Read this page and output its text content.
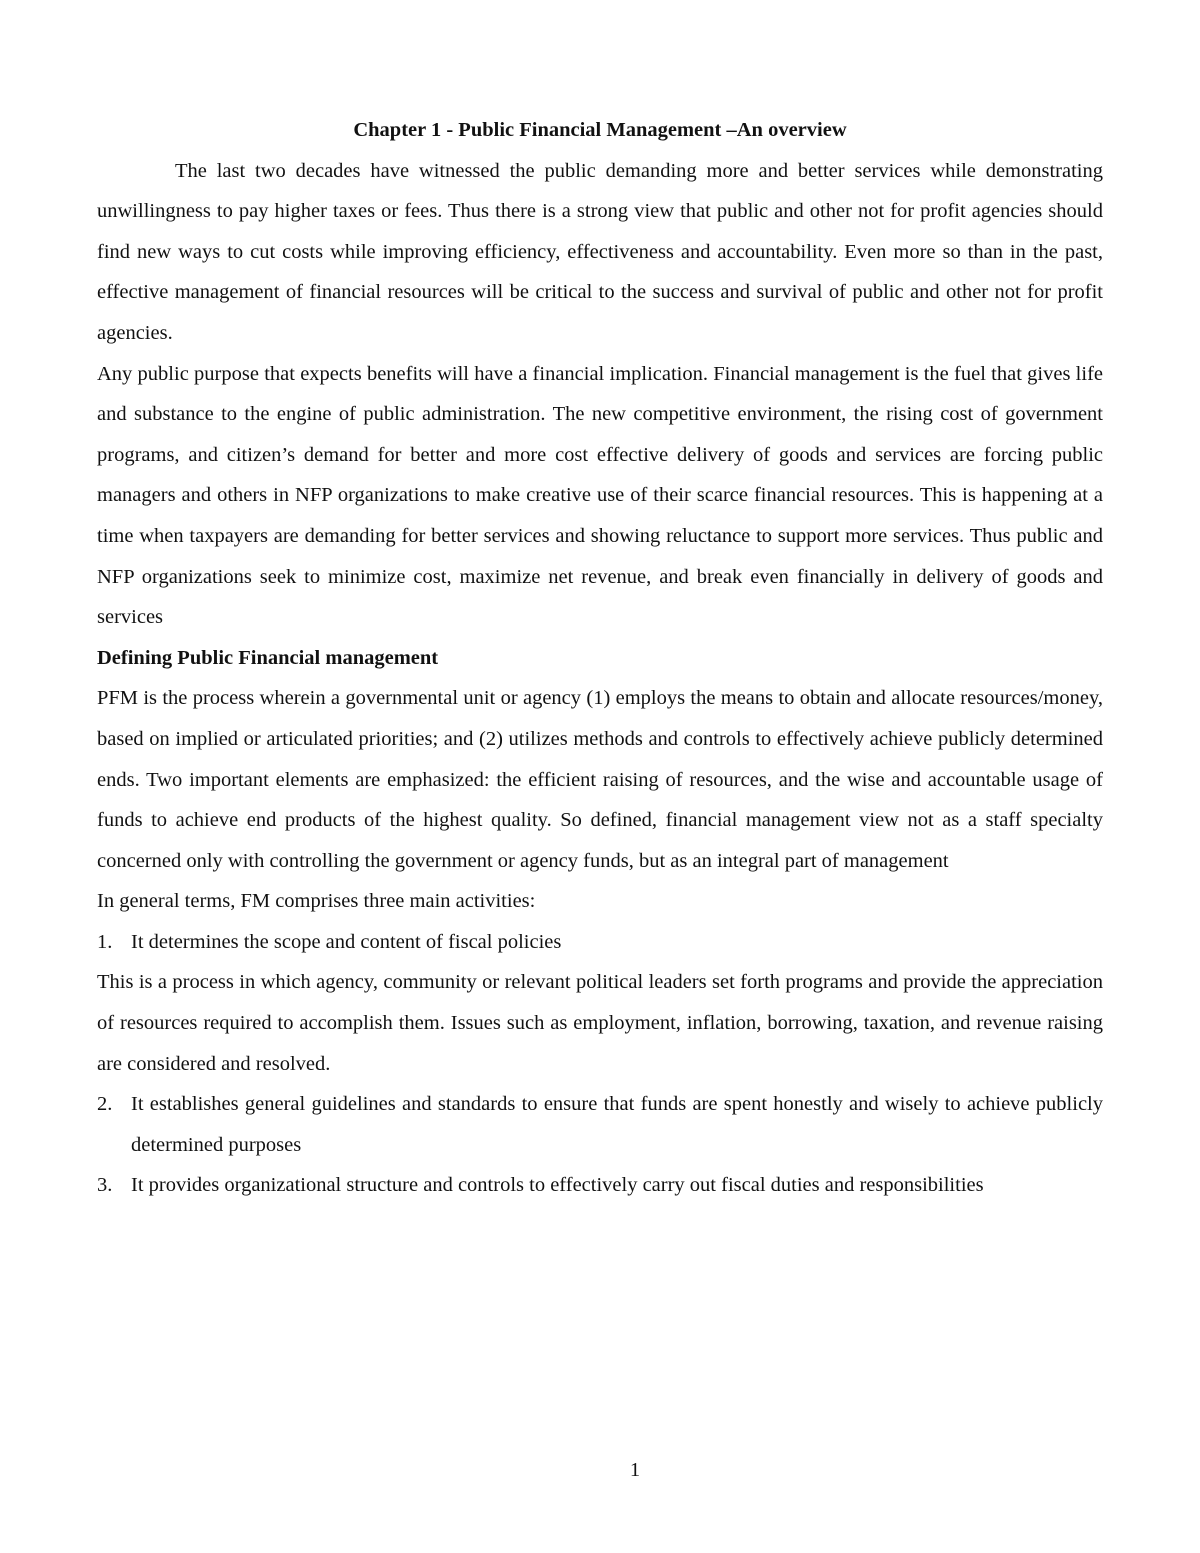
Chapter 1 - Public Financial Management –An overview

The last two decades have witnessed the public demanding more and better services while demonstrating unwillingness to pay higher taxes or fees. Thus there is a strong view that public and other not for profit agencies should find new ways to cut costs while improving efficiency, effectiveness and accountability. Even more so than in the past, effective management of financial resources will be critical to the success and survival of public and other not for profit agencies.

Any public purpose that expects benefits will have a financial implication. Financial management is the fuel that gives life and substance to the engine of public administration. The new competitive environment, the rising cost of government programs, and citizen’s demand for better and more cost effective delivery of goods and services are forcing public managers and others in NFP organizations to make creative use of their scarce financial resources. This is happening at a time when taxpayers are demanding for better services and showing reluctance to support more services. Thus public and NFP organizations seek to minimize cost, maximize net revenue, and break even financially in delivery of goods and services

Defining Public Financial management

PFM is the process wherein a governmental unit or agency (1) employs the means to obtain and allocate resources/money, based on implied or articulated priorities; and (2) utilizes methods and controls to effectively achieve publicly determined ends. Two important elements are emphasized: the efficient raising of resources, and the wise and accountable usage of funds to achieve end products of the highest quality. So defined, financial management view not as a staff specialty concerned only with controlling the government or agency funds, but as an integral part of management

In general terms, FM comprises three main activities:

1. It determines the scope and content of fiscal policies

This is a process in which agency, community or relevant political leaders set forth programs and provide the appreciation of resources required to accomplish them. Issues such as employment, inflation, borrowing, taxation, and revenue raising are considered and resolved.

2. It establishes general guidelines and standards to ensure that funds are spent honestly and wisely to achieve publicly determined purposes
3. It provides organizational structure and controls to effectively carry out fiscal duties and responsibilities
1
